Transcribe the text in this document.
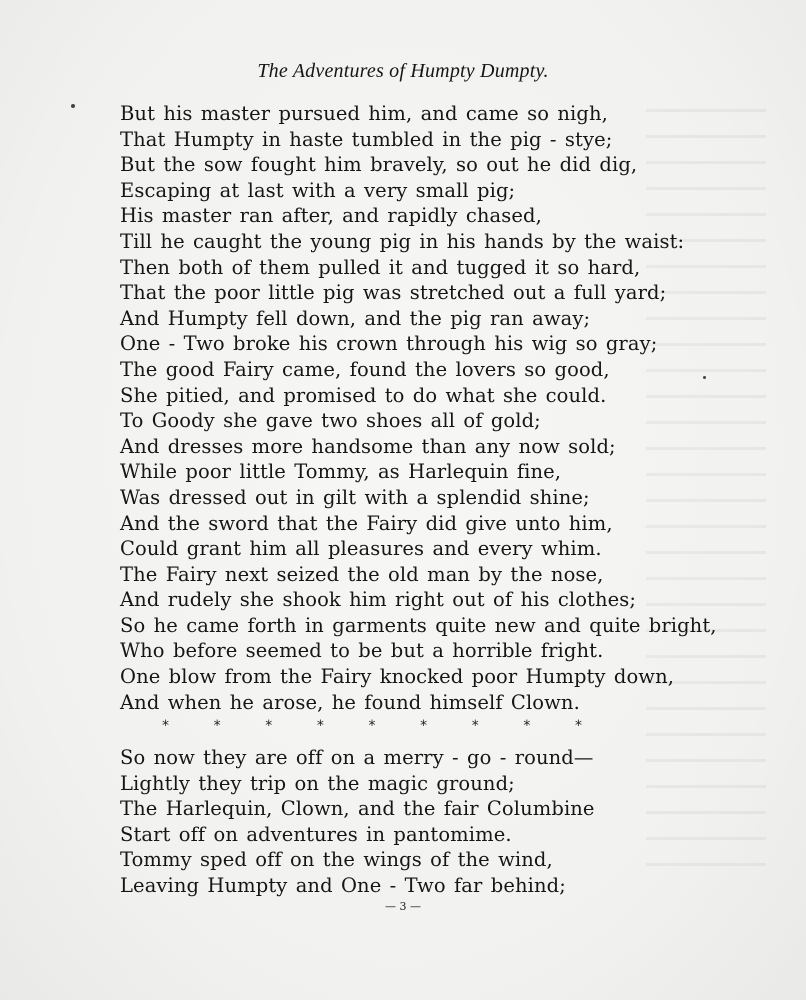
The Adventures of Humpty Dumpty.
But his master pursued him, and came so nigh,
That Humpty in haste tumbled in the pig - stye;
But the sow fought him bravely, so out he did dig,
Escaping at last with a very small pig;
His master ran after, and rapidly chased,
Till he caught the young pig in his hands by the waist:
Then both of them pulled it and tugged it so hard,
That the poor little pig was stretched out a full yard;
And Humpty fell down, and the pig ran away;
One - Two broke his crown through his wig so gray;
The good Fairy came, found the lovers so good,
She pitied, and promised to do what she could.
To Goody she gave two shoes all of gold;
And dresses more handsome than any now sold;
While poor little Tommy, as Harlequin fine,
Was dressed out in gilt with a splendid shine;
And the sword that the Fairy did give unto him,
Could grant him all pleasures and every whim.
The Fairy next seized the old man by the nose,
And rudely she shook him right out of his clothes;
So he came forth in garments quite new and quite bright,
Who before seemed to be but a horrible fright.
One blow from the Fairy knocked poor Humpty down,
And when he arose, he found himself Clown.
*	*	*	*	*	*	*	*	*
So now they are off on a merry - go - round—
Lightly they trip on the magic ground;
The Harlequin, Clown, and the fair Columbine
Start off on adventures in pantomime.
Tommy sped off on the wings of the wind,
Leaving Humpty and One - Two far behind;
— 3 —
